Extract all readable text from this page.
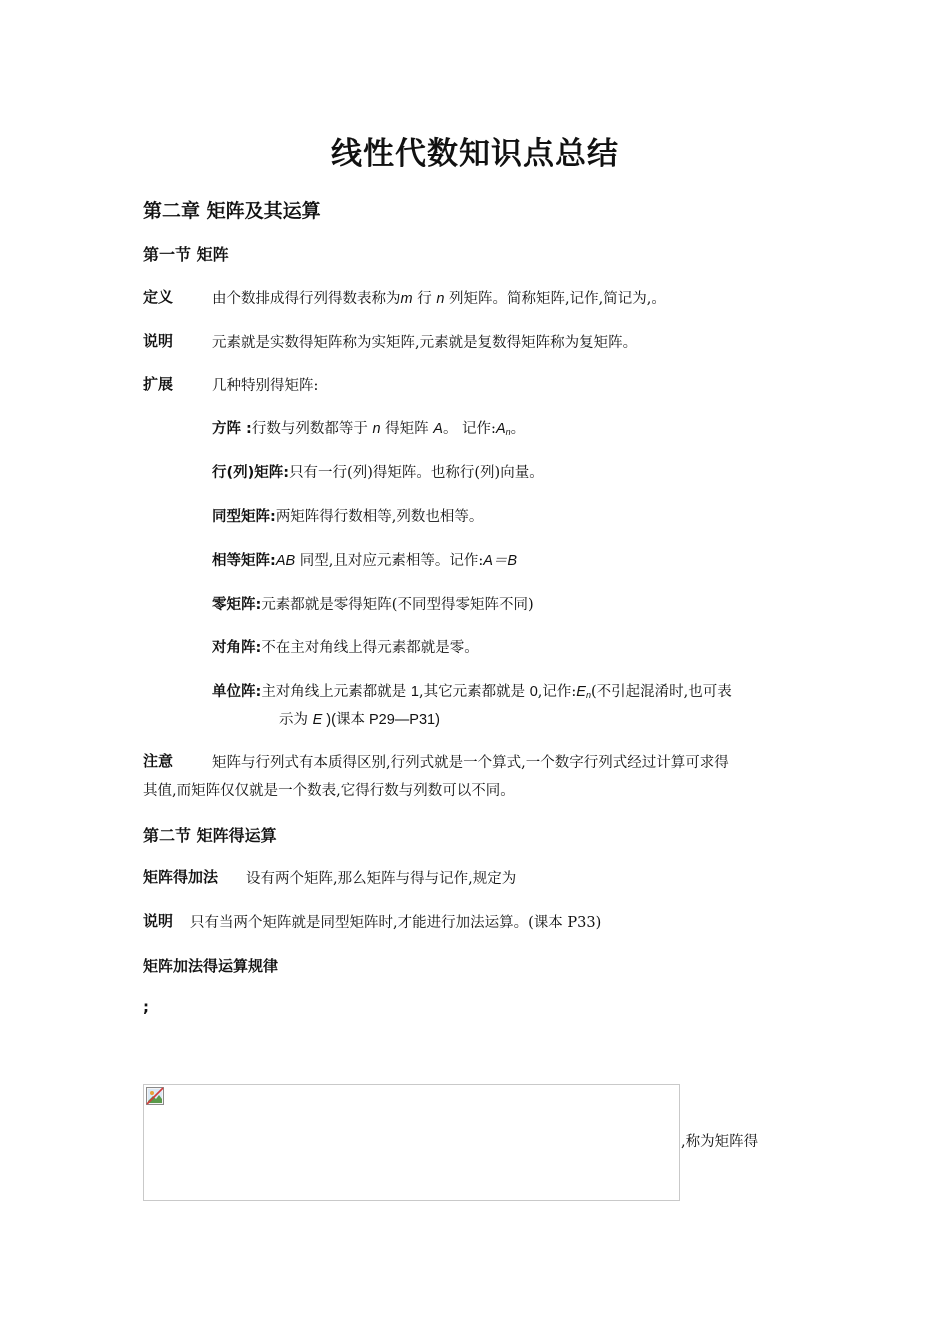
线性代数知识点总结
第二章 矩阵及其运算
第一节 矩阵
定义	由个数排成得行列得数表称为m 行 n 列矩阵。简称矩阵,记作,简记为,。
说明	元素就是实数得矩阵称为实矩阵,元素就是复数得矩阵称为复矩阵。
扩展	几种特别得矩阵:
方阵 :行数与列数都等于 n 得矩阵 A。 记作$:A_n$。
行(列)矩阵:只有一行(列)得矩阵。也称行(列)向量。
同型矩阵:两矩阵得行数相等,列数也相等。
相等矩阵:AB 同型,且对应元素相等。记作:A＝B
零矩阵:元素都就是零得矩阵(不同型得零矩阵不同)
对角阵:不在主对角线上得元素都就是零。
单位阵:主对角线上元素都就是 1,其它元素都就是 0,记作$:E_n$(不引起混淆时,也可表
示为 E )(课本 P29—P31)
注意	矩阵与行列式有本质得区别,行列式就是一个算式,一个数字行列式经过计算可求得
其值,而矩阵仅仅就是一个数表,它得行数与列数可以不同。
第二节 矩阵得运算
矩阵得加法 设有两个矩阵,那么矩阵与得与记作,规定为
说明 只有当两个矩阵就是同型矩阵时,才能进行加法运算。(课本 P33)
矩阵加法得运算规律
;
,称为矩阵得
